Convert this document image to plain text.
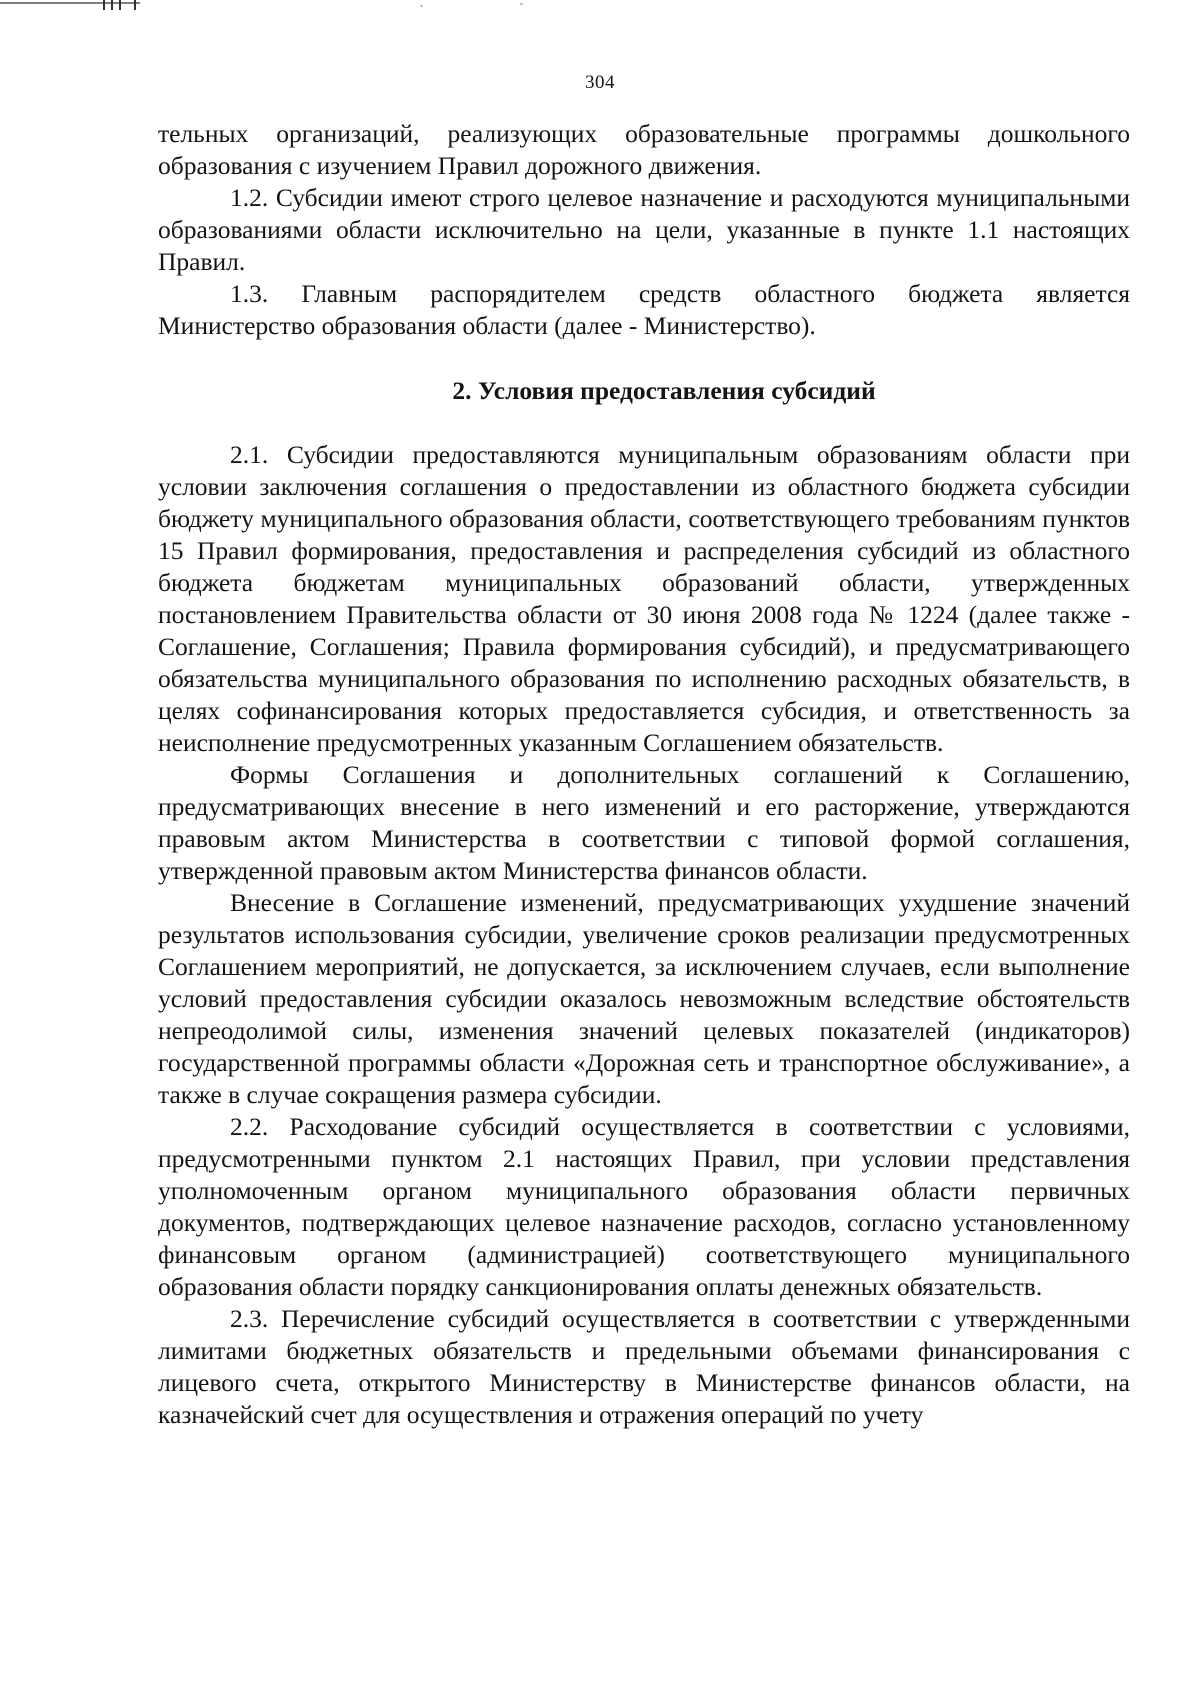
304

тельных организаций, реализующих образовательные программы дошкольного образования с изучением Правил дорожного движения.

1.2. Субсидии имеют строго целевое назначение и расходуются муниципальными образованиями области исключительно на цели, указанные в пункте 1.1 настоящих Правил.

1.3. Главным распорядителем средств областного бюджета является Министерство образования области (далее - Министерство).

2. Условия предоставления субсидий

2.1. Субсидии предоставляются муниципальным образованиям области при условии заключения соглашения о предоставлении из областного бюджета субсидии бюджету муниципального образования области, соответствующего требованиям пунктов 15 Правил формирования, предоставления и распределения субсидий из областного бюджета бюджетам муниципальных образований области, утвержденных постановлением Правительства области от 30 июня 2008 года № 1224 (далее также - Соглашение, Соглашения; Правила формирования субсидий), и предусматривающего обязательства муниципального образования по исполнению расходных обязательств, в целях софинансирования которых предоставляется субсидия, и ответственность за неисполнение предусмотренных указанным Соглашением обязательств.

Формы Соглашения и дополнительных соглашений к Соглашению, предусматривающих внесение в него изменений и его расторжение, утверждаются правовым актом Министерства в соответствии с типовой формой соглашения, утвержденной правовым актом Министерства финансов области.

Внесение в Соглашение изменений, предусматривающих ухудшение значений результатов использования субсидии, увеличение сроков реализации предусмотренных Соглашением мероприятий, не допускается, за исключением случаев, если выполнение условий предоставления субсидии оказалось невозможным вследствие обстоятельств непреодолимой силы, изменения значений целевых показателей (индикаторов) государственной программы области «Дорожная сеть и транспортное обслуживание», а также в случае сокращения размера субсидии.

2.2. Расходование субсидий осуществляется в соответствии с условиями, предусмотренными пунктом 2.1 настоящих Правил, при условии представления уполномоченным органом муниципального образования области первичных документов, подтверждающих целевое назначение расходов, согласно установленному финансовым органом (администрацией) соответствующего муниципального образования области порядку санкционирования оплаты денежных обязательств.

2.3. Перечисление субсидий осуществляется в соответствии с утвержденными лимитами бюджетных обязательств и предельными объемами финансирования с лицевого счета, открытого Министерству в Министерстве финансов области, на казначейский счет для осуществления и отражения операций по учету
